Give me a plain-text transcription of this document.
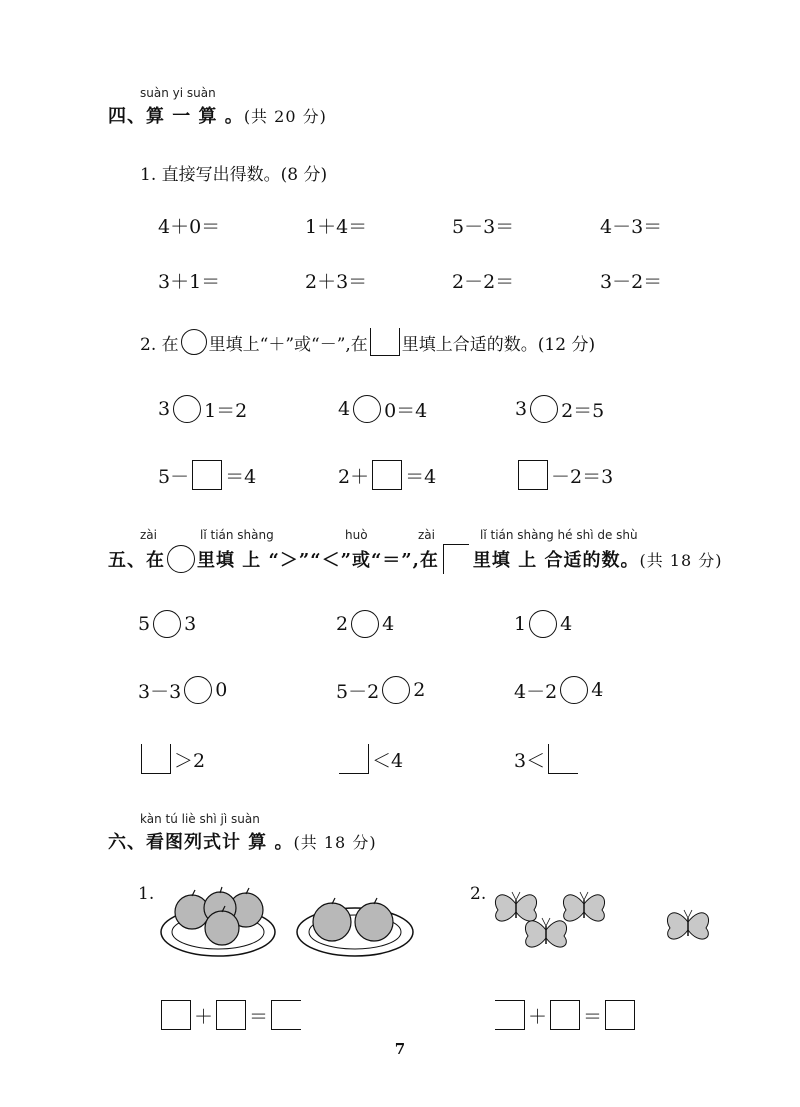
suàn yi suàn
四、算 一 算 。(共 20 分)
1. 直接写出得数。(8 分)
4＋0＝	1＋4＝	5－3＝	4－3＝
3＋1＝	2＋3＝	2－2＝	3－2＝
2. 在 里填上“＋”或“－”,在 里填上合适的数。(12 分)
3 1＝2	4 0＝4	3 2＝5
5－ ＝4	2＋ ＝4	－2＝3
zài	lǐ tián shàng	huò	zài	lǐ tián shàng hé shì de shù
五、在 里填 上 “＞”“＜”或“＝”,在 里填 上 合适的数。 (共 18 分)
5 3	2 4	1 4
3－3 0	5－2 2	4－2 4
＞2	＜4	3＜
kàn tú liè shì jì suàn
六、看图列式计 算 。(共 18 分)
1.	2.
＋ ＝	＋ ＝
7
